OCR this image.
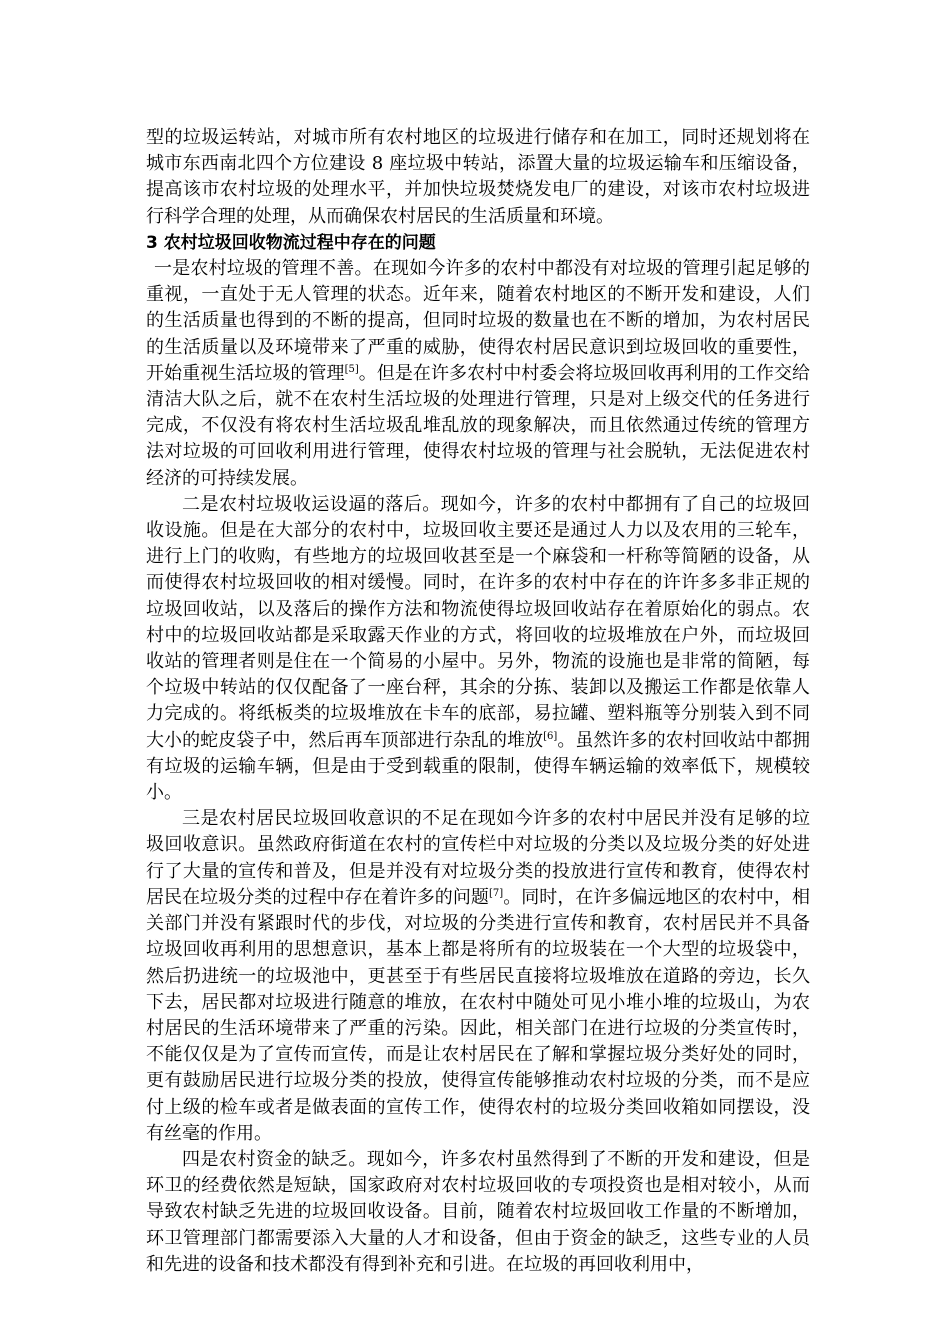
型的垃圾运转站，对城市所有农村地区的垃圾进行储存和在加工，同时还规划将在城市东西南北四个方位建设 8 座垃圾中转站，添置大量的垃圾运输车和压缩设备，提高该市农村垃圾的处理水平，并加快垃圾焚烧发电厂的建设，对该市农村垃圾进行科学合理的处理，从而确保农村居民的生活质量和环境。

3 农村垃圾回收物流过程中存在的问题

一是农村垃圾的管理不善。在现如今许多的农村中都没有对垃圾的管理引起足够的重视，一直处于无人管理的状态。近年来，随着农村地区的不断开发和建设，人们的生活质量也得到的不断的提高，但同时垃圾的数量也在不断的增加，为农村居民的生活质量以及环境带来了严重的威胁，使得农村居民意识到垃圾回收的重要性，开始重视生活垃圾的管理[5]。但是在许多农村中村委会将垃圾回收再利用的工作交给清洁大队之后，就不在农村生活垃圾的处理进行管理，只是对上级交代的任务进行完成，不仅没有将农村生活垃圾乱堆乱放的现象解决，而且依然通过传统的管理方法对垃圾的可回收利用进行管理，使得农村垃圾的管理与社会脱轨，无法促进农村经济的可持续发展。

二是农村垃圾收运设逼的落后。现如今，许多的农村中都拥有了自己的垃圾回收设施。但是在大部分的农村中，垃圾回收主要还是通过人力以及农用的三轮车，进行上门的收购，有些地方的垃圾回收甚至是一个麻袋和一杆称等简陋的设备，从而使得农村垃圾回收的相对缓慢。同时，在许多的农村中存在的许许多多非正规的垃圾回收站，以及落后的操作方法和物流使得垃圾回收站存在着原始化的弱点。农村中的垃圾回收站都是采取露天作业的方式，将回收的垃圾堆放在户外，而垃圾回收站的管理者则是住在一个简易的小屋中。另外，物流的设施也是非常的简陋，每个垃圾中转站的仅仅配备了一座台秤，其余的分拣、装卸以及搬运工作都是依靠人力完成的。将纸板类的垃圾堆放在卡车的底部，易拉罐、塑料瓶等分别装入到不同大小的蛇皮袋子中，然后再车顶部进行杂乱的堆放[6]。虽然许多的农村回收站中都拥有垃圾的运输车辆，但是由于受到载重的限制，使得车辆运输的效率低下，规模较小。

三是农村居民垃圾回收意识的不足在现如今许多的农村中居民并没有足够的垃圾回收意识。虽然政府街道在农村的宣传栏中对垃圾的分类以及垃圾分类的好处进行了大量的宣传和普及，但是并没有对垃圾分类的投放进行宣传和教育，使得农村居民在垃圾分类的过程中存在着许多的问题[7]。同时，在许多偏远地区的农村中，相关部门并没有紧跟时代的步伐，对垃圾的分类进行宣传和教育，农村居民并不具备垃圾回收再利用的思想意识，基本上都是将所有的垃圾装在一个大型的垃圾袋中，然后扔进统一的垃圾池中，更甚至于有些居民直接将垃圾堆放在道路的旁边，长久下去，居民都对垃圾进行随意的堆放，在农村中随处可见小堆小堆的垃圾山，为农村居民的生活环境带来了严重的污染。因此，相关部门在进行垃圾的分类宣传时，不能仅仅是为了宣传而宣传，而是让农村居民在了解和掌握垃圾分类好处的同时，更有鼓励居民进行垃圾分类的投放，使得宣传能够推动农村垃圾的分类，而不是应付上级的检车或者是做表面的宣传工作，使得农村的垃圾分类回收箱如同摆设，没有丝毫的作用。

四是农村资金的缺乏。现如今，许多农村虽然得到了不断的开发和建设，但是环卫的经费依然是短缺，国家政府对农村垃圾回收的专项投资也是相对较小，从而导致农村缺乏先进的垃圾回收设备。目前，随着农村垃圾回收工作量的不断增加，环卫管理部门都需要添入大量的人才和设备，但由于资金的缺乏，这些专业的人员和先进的设备和技术都没有得到补充和引进。在垃圾的再回收利用中，
